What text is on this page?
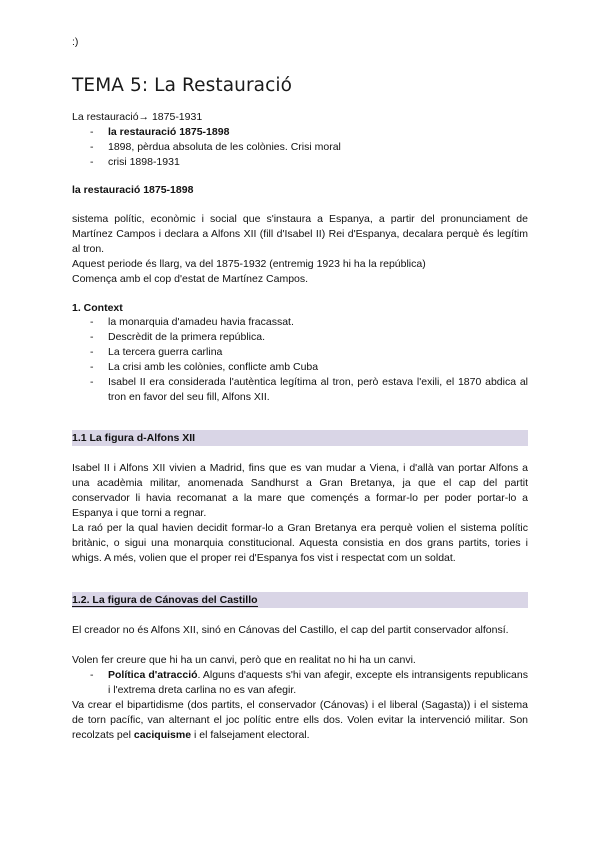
:)
TEMA 5: La Restauració
La restauració→ 1875-1931
- la restauració 1875-1898
- 1898, pèrdua absoluta de les colònies. Crisi moral
- crisi 1898-1931
la restauració 1875-1898
sistema polític, econòmic i social que s'instaura a Espanya, a partir del pronunciament de Martínez Campos i declara a Alfons XII (fill d'Isabel II) Rei d'Espanya, decalara perquè és legítim al tron.
Aquest periode és llarg, va del 1875-1932 (entremig 1923 hi ha la república)
Comença amb el cop d'estat de Martínez Campos.
1. Context
- la monarquia d'amadeu havia fracassat.
- Descrèdit de la primera república.
- La tercera guerra carlina
- La crisi amb les colònies, conflicte amb Cuba
- Isabel II era considerada l'autèntica legítima al tron, però estava l'exili, el 1870 abdica al tron en favor del seu fill, Alfons XII.
1.1 La figura d-Alfons XII
Isabel II i Alfons XII vivien a Madrid, fins que es van mudar a Viena, i d'allà van portar Alfons a una acadèmia militar, anomenada Sandhurst a Gran Bretanya, ja que el cap del partit conservador li havia recomanat a la mare que començés a formar-lo per poder portar-lo a Espanya i que torni a regnar.
La raó per la qual havien decidit formar-lo a Gran Bretanya era perquè volien el sistema polític britànic, o sigui una monarquia constitucional. Aquesta consistia en dos grans partits, tories i whigs. A més, volien que el proper rei d'Espanya fos vist i respectat com un soldat.
1.2. La figura de Cánovas del Castillo
El creador no és Alfons XII, sinó en Cánovas del Castillo, el cap del partit conservador alfonsí.
Volen fer creure que hi ha un canvi, però que en realitat no hi ha un canvi.
- Política d'atracció. Alguns d'aquests s'hi van afegir, excepte els intransigents republicans i l'extrema dreta carlina no es van afegir.
Va crear el bipartidisme (dos partits, el conservador (Cánovas) i el liberal (Sagasta)) i el sistema de torn pacífic, van alternant el joc polític entre ells dos. Volen evitar la intervenció militar. Son recolzats pel caciquisme i el falsejament electoral.
